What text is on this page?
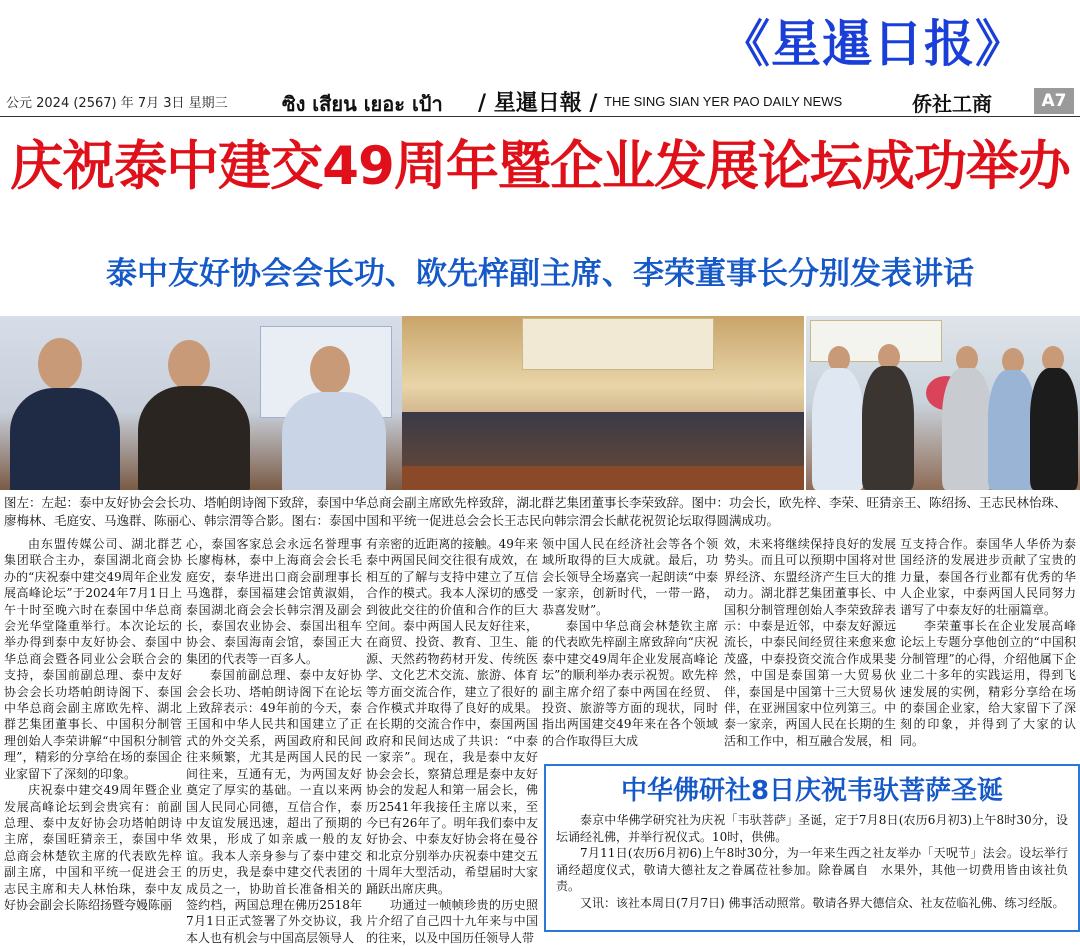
《星暹日报》
公元 2024 (2567) 年 7月 3日 星期三	ซิง เสียน เยอะ เป้า / 星暹日報 / THE SING SIAN YER PAO DAILY NEWS	侨社工商	A7
庆祝泰中建交49周年暨企业发展论坛成功举办
泰中友好协会会长功、欧先梓副主席、李荣董事长分别发表讲话
图左：左起：泰中友好协会会长功、塔帕朗诗阁下致辞，泰国中华总商会副主席欧先梓致辞，湖北群艺集团董事长李荣致辞。图中：功会长，欧先梓、李荣、旺猜亲王、陈绍扬、王志民林怡珠、廖梅林、毛庭安、马逸群、陈丽心、韩宗渭等合影。图右：泰国中国和平统一促进总会会长王志民向韩宗渭会长献花祝贺论坛取得圆满成功。

由东盟传媒公司、湖北群艺集团联合主办，泰国湖北商会协办的“庆祝泰中建交49周年企业发展高峰论坛”于2024年7月1日上午十时至晚六时在泰国中华总商会光华堂隆重举行。本次论坛的举办得到泰中友好协会、泰国中华总商会暨各同业公会联合会的支持，泰国前副总理、泰中友好协会会长功塔帕朗诗阁下、泰国中华总商会副主席欧先梓、湖北群艺集团董事长、中国积分制管理创始人李荣讲解“中国积分制管理”，精彩的分享给在场的泰国企业家留下了深刻的印象。

庆祝泰中建交49周年暨企业发展高峰论坛到会贵宾有：前副总理、泰中友好协会功塔帕朗诗主席，泰国旺猜亲王，泰国中华总商会林楚钦主席的代表欧先梓副主席，中国和平统一促进会王志民主席和夫人林怡珠，泰中友好协会副会长陈绍扬暨夸嫚陈丽

心，泰国客家总会永远名誉理事长廖梅林，泰中上海商会会长毛庭安，泰华进出口商会副理事长马逸群，泰国福建会馆黄淑娟，泰国湖北商会会长韩宗渭及副会长，泰国农业协会、泰国出租车协会、泰国海南会馆，泰国正大集团的代表等一百多人。

泰国前副总理、泰中友好协会会长功、塔帕朗诗阁下在论坛上致辞表示：49年前的今天，泰王国和中华人民共和国建立了正式的外交关系，两国政府和民间往来频繁，尤其是两国人民的民间往来，互通有无，为两国友好奠定了厚实的基础。一直以来两国人民同心同德，互信合作，泰中友谊发展迅速，超出了预期的效果，形成了如亲戚一般的友谊。我本人亲身参与了泰中建交的历史，我是泰中建交代表团的成员之一，协助首长准备相关的签约档，两国总理在佛历2518年7月1日正式签署了外交协议，我本人也有机会与中国高层领导人

有亲密的近距离的接触。49年来泰中两国民间交往很有成效，在相互的了解与支持中建立了互信合作的模式。我本人深切的感受到彼此交往的价值和合作的巨大空间。泰中两国人民友好往来，在商贸、投资、教育、卫生、能源、天然药物药材开发、传统医学、文化艺术交流、旅游、体育等方面交流合作，建立了很好的合作模式并取得了良好的成果。在长期的交流合作中，泰国两国政府和民间达成了共识：“中泰一家亲”。现在，我是泰中友好协会会长，察猜总理是泰中友好协会的发起人和第一届会长，佛历2541年我接任主席以来，至今已有26年了。明年我们泰中友好协会、中泰友好协会将在曼谷和北京分别举办庆祝泰中建交五十周年大型活动，希望届时大家踊跃出席庆典。

功通过一帧帧珍贵的历史照片介绍了自己四十九年来与中国的往来，以及中国历任领导人带

领中国人民在经济社会等各个领域所取得的巨大成就。最后，功会长领导全场嘉宾一起朗读“中泰一家亲，创新时代，一带一路，恭喜发财”。

泰国中华总商会林楚钦主席的代表欧先梓副主席致辞向“庆祝泰中建交49周年企业发展高峰论坛”的顺利举办表示祝贺。欧先梓副主席介绍了泰中两国在经贸、投资、旅游等方面的现状，同时指出两国建交49年来在各个领域的合作取得巨大成

效，未来将继续保持良好的发展势头。而且可以预期中国将对世界经济、东盟经济产生巨大的推动力。湖北群艺集团董事长、中国积分制管理创始人李荣致辞表示：中泰是近邻，中泰友好源远流长，中泰民间经贸往来愈来愈茂盛，中泰投资交流合作成果斐然，中国是泰国第一大贸易伙伴，泰国是中国第十三大贸易伙伴，在亚洲国家中位列第三。中泰一家亲，两国人民在长期的生活和工作中，相互融合发展，相

互支持合作。泰国华人华侨为泰国经济的发展进步贡献了宝贵的力量，泰国各行业都有优秀的华人企业家，中泰两国人民同努力谱写了中泰友好的壮丽篇章。

李荣董事长在企业发展高峰论坛上专题分享他创立的“中国积分制管理”的心得，介绍他属下企业二十多年的实践运用，得到飞速发展的实例，精彩分享给在场的泰国企业家，给大家留下了深刻的印象，并得到了大家的认同。

中华佛研社8日庆祝韦驮菩萨圣诞

泰京中华佛学研究社为庆祝「韦驮菩萨」圣诞，定于7月8日(农历6月初3)上午8时30分，设坛诵经礼佛，并举行祝仪式。10时，供佛。

7月11日(农历6月初6)上午8时30分，为一年来生西之社友举办「天呪节」法会。设坛举行诵经超度仪式，敬请大德社友之眷属莅社参加。除眷属自　水果外，其他一切费用皆由该社负责。

又讯：该社本周日(7月7日) 佛事活动照常。敬请各界大德信众、社友莅临礼佛、练习经版。
